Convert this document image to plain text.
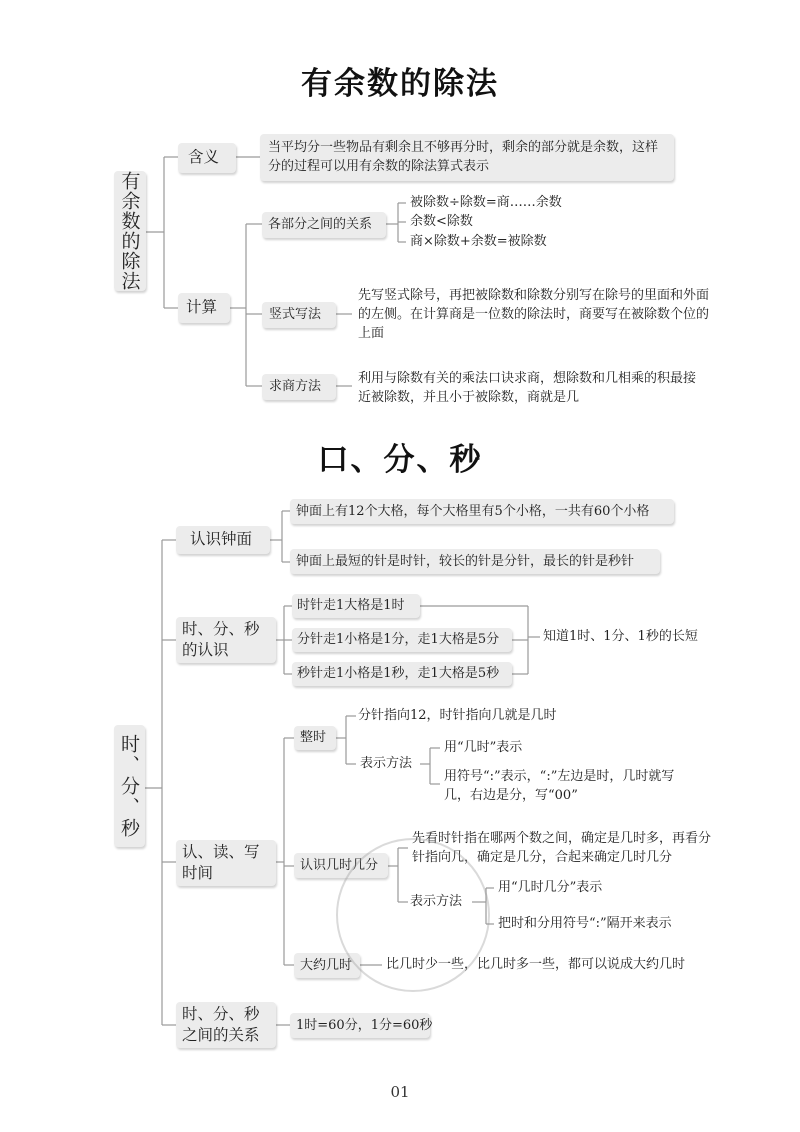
有余数的除法
有余数的除法
含义
当平均分一些物品有剩余且不够再分时，剩余的部分就是余数，这样分的过程可以用有余数的除法算式表示
计算
各部分之间的关系
被除数÷除数=商……余数
余数<除数
商×除数+余数=被除数
竖式写法
先写竖式除号，再把被除数和除数分别写在除号的里面和外面的左侧。在计算商是一位数的除法时，商要写在被除数个位的上面
求商方法
利用与除数有关的乘法口诀求商，想除数和几相乘的积最接近被除数，并且小于被除数，商就是几
口、分、秒
时、分、秒
认识钟面
钟面上有12个大格，每个大格里有5个小格，一共有60个小格
钟面上最短的针是时针，较长的针是分针，最长的针是秒针
时、分、秒的认识
时针走1大格是1时
分针走1小格是1分，走1大格是5分
秒针走1小格是1秒，走1大格是5秒
知道1时、1分、1秒的长短
认、读、写时间
整时
分针指向12，时针指向几就是几时
表示方法
用“几时”表示
用符号“:”表示，“:”左边是时，几时就写几，右边是分，写“00”
认识几时几分
先看时针指在哪两个数之间，确定是几时多，再看分针指向几，确定是几分，合起来确定几时几分
表示方法
用“几时几分”表示
把时和分用符号“:”隔开来表示
大约几时	比几时少一些，比几时多一些，都可以说成大约几时
时、分、秒之间的关系
1时=60分，1分=60秒
01
